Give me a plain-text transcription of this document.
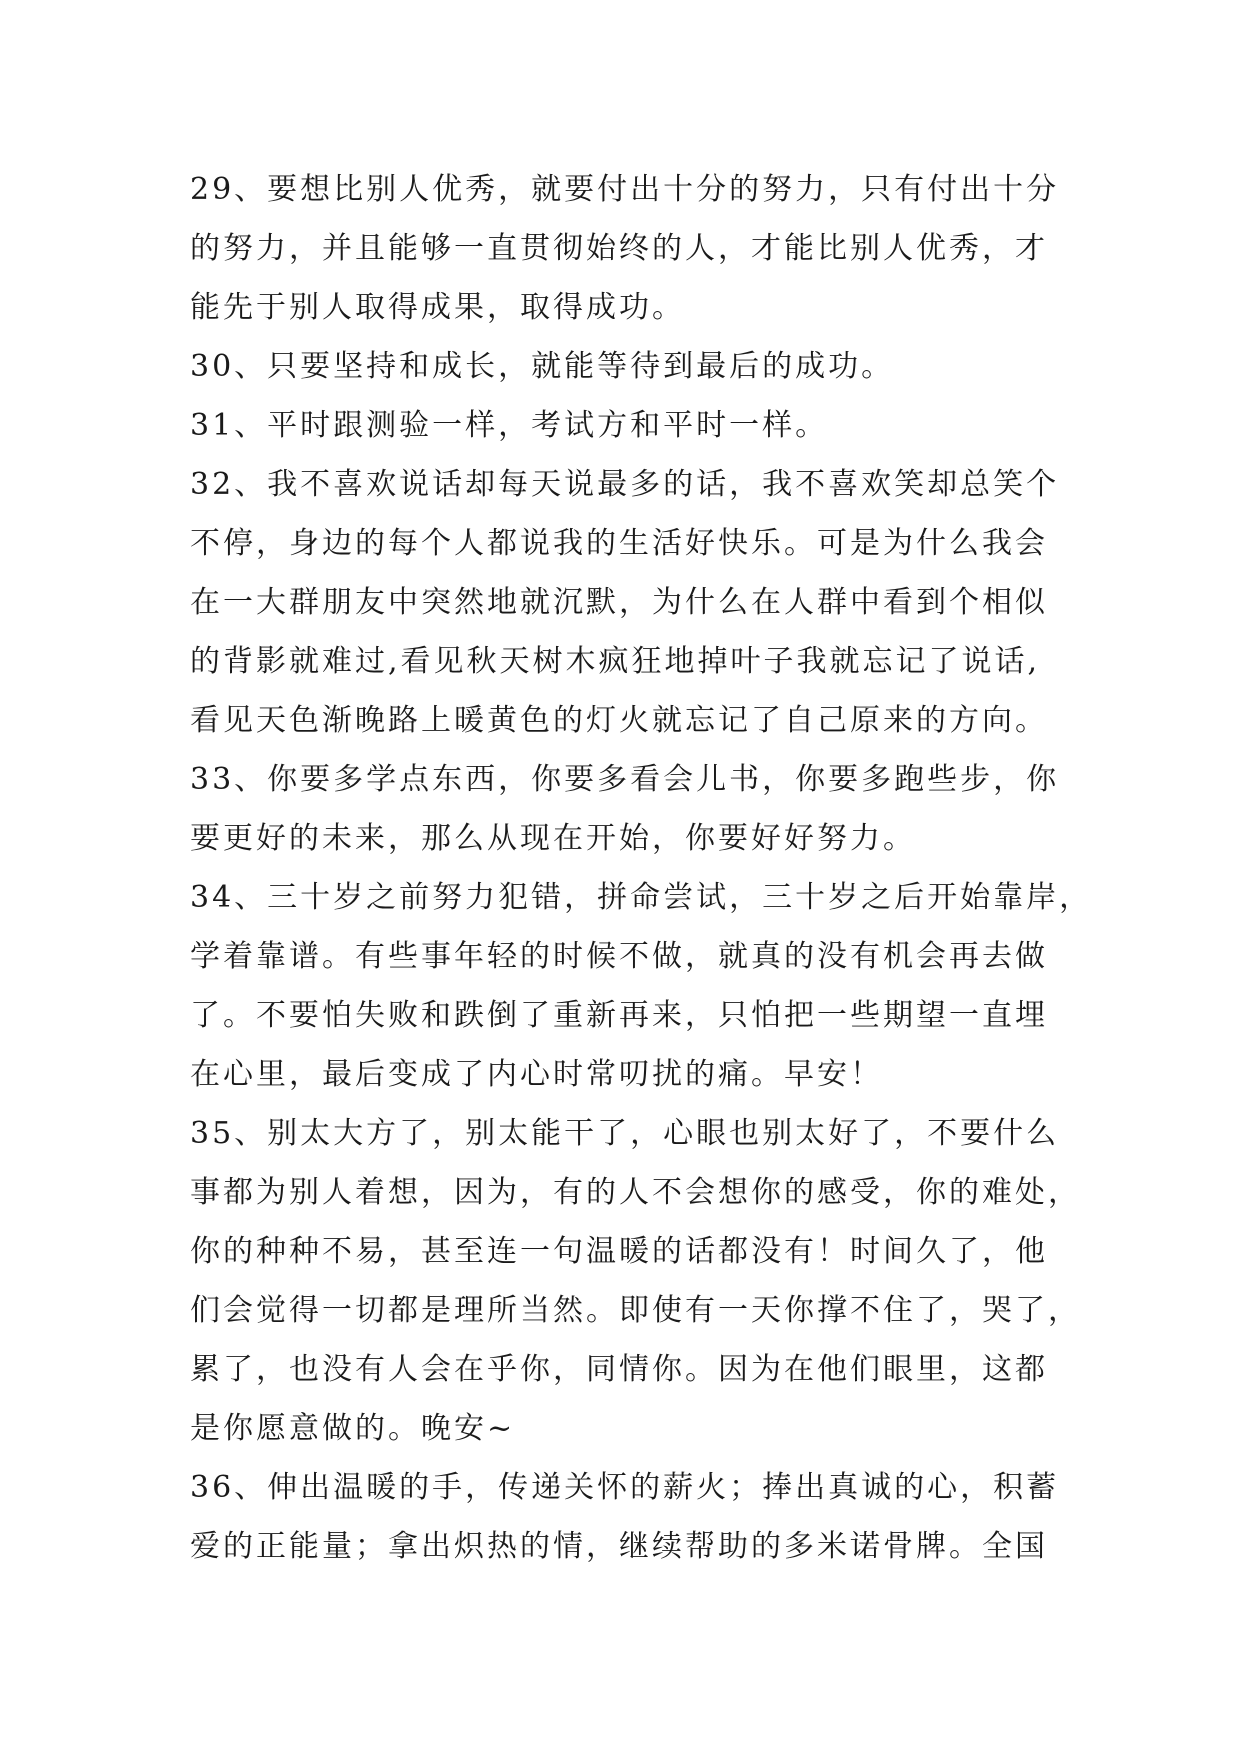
29、要想比别人优秀，就要付出十分的努力，只有付出十分
的努力，并且能够一直贯彻始终的人，才能比别人优秀，才
能先于别人取得成果，取得成功。
30、只要坚持和成长，就能等待到最后的成功。
31、平时跟测验一样，考试方和平时一样。
32、我不喜欢说话却每天说最多的话，我不喜欢笑却总笑个
不停，身边的每个人都说我的生活好快乐。可是为什么我会
在一大群朋友中突然地就沉默，为什么在人群中看到个相似
的背影就难过,看见秋天树木疯狂地掉叶子我就忘记了说话,
看见天色渐晚路上暖黄色的灯火就忘记了自己原来的方向。
33、你要多学点东西，你要多看会儿书，你要多跑些步，你
要更好的未来，那么从现在开始，你要好好努力。
34、三十岁之前努力犯错，拼命尝试，三十岁之后开始靠岸，
学着靠谱。有些事年轻的时候不做，就真的没有机会再去做
了。不要怕失败和跌倒了重新再来，只怕把一些期望一直埋
在心里，最后变成了内心时常叨扰的痛。早安！
35、别太大方了，别太能干了，心眼也别太好了，不要什么
事都为别人着想，因为，有的人不会想你的感受，你的难处，
你的种种不易，甚至连一句温暖的话都没有！时间久了，他
们会觉得一切都是理所当然。即使有一天你撑不住了，哭了，
累了，也没有人会在乎你，同情你。因为在他们眼里，这都
是你愿意做的。晚安~
36、伸出温暖的手，传递关怀的薪火；捧出真诚的心，积蓄
爱的正能量；拿出炽热的情，继续帮助的多米诺骨牌。全国
